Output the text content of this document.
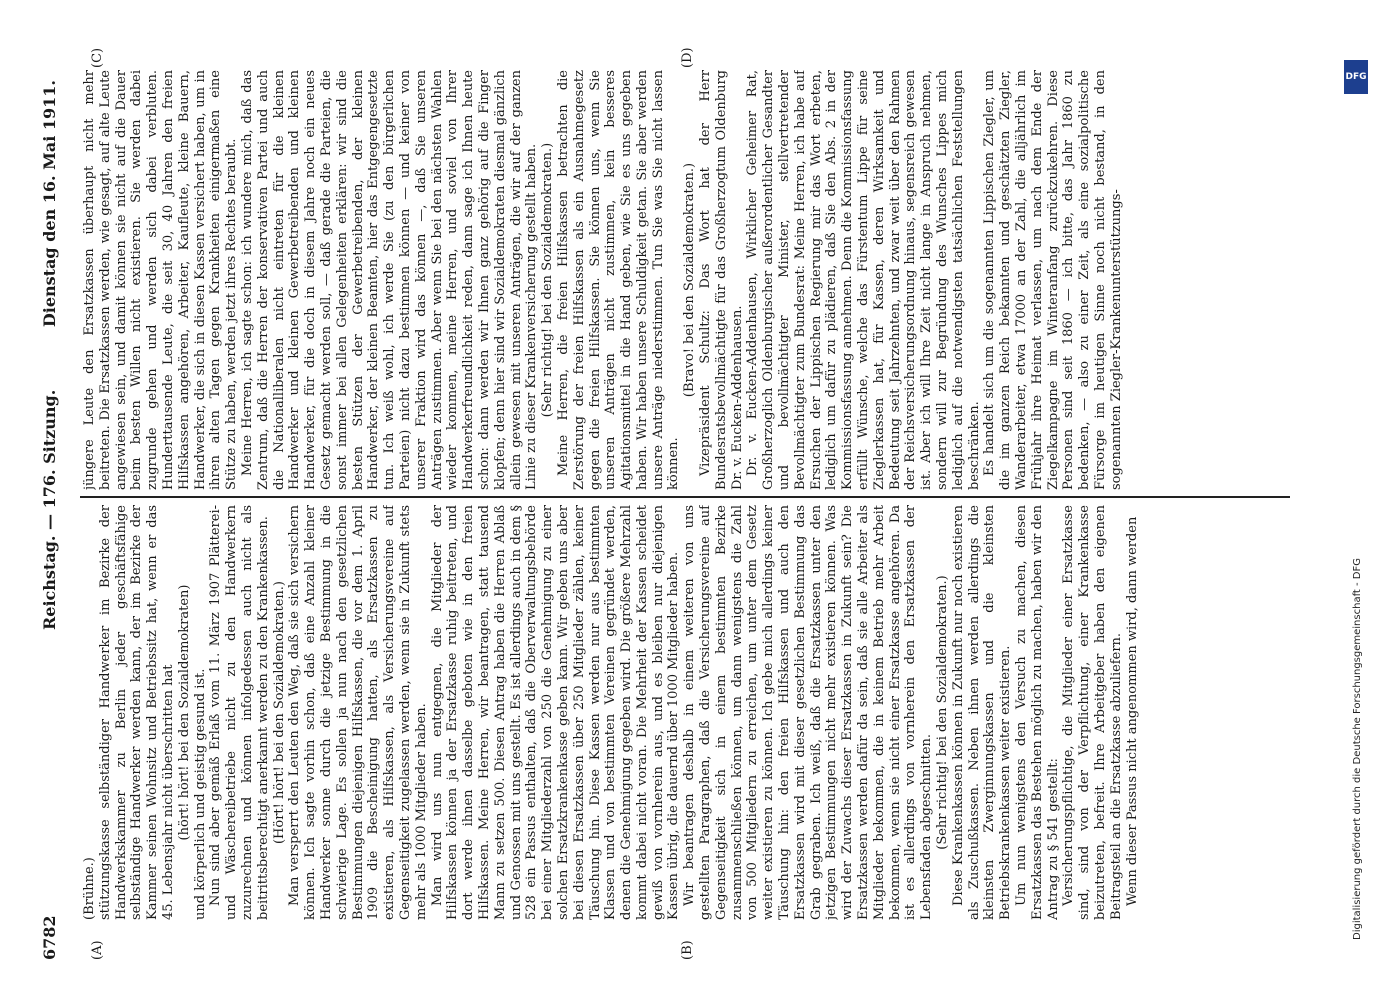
6782
Reichstag. — 176. Sitzung.
Dienstag den 16. Mai 1911.
(A)	(B)
(C)	(D)

(Brühne.) stützungskasse selbständiger Handwerker im Bezirke der Handwerkskammer zu Berlin jeder geschäftsfähige selbständige Handwerker werden kann, der im Bezirke der Kammer seinen Wohnsitz und Betriebssitz hat, wenn er das 45. Lebensjahr nicht überschritten hat (hört! hört! bei den Sozialdemokraten) und körperlich und geistig gesund ist. Nun sind aber gemäß Erlaß vom 11. März 1907 Plätterei- und Wäschereibetriebe nicht zu den Handwerkern zuzurechnen und können infolgedessen auch nicht als beitrittsberechtigt anerkannt werden zu den Krankenkassen. (Hört! hört! bei den Sozialdemokraten.) Man versperrt den Leuten den Weg, daß sie sich versichern können. Ich sagte vorhin schon, daß eine Anzahl kleiner Handwerker sonne durch die jetzige Bestimmung in die schwierige Lage. Es sollen ja nun nach den gesetzlichen Bestimmungen diejenigen Hilfskassen, die vor dem 1. April 1909 die Bescheinigung hatten, als Ersatzkassen zu existieren, als Hilfskassen, als Versicherungsvereine auf Gegenseitigkeit zugelassen werden, wenn sie in Zukunft stets mehr als 1000 Mitglieder haben. Man wird uns nun entgegnen, die Mitglieder der Hilfskassen können ja der Ersatzkasse ruhig beitreten, und dort werde ihnen dasselbe geboten wie in den freien Hilfskassen. Meine Herren, wir beantragen, statt tausend Mann zu setzen 500. Diesen Antrag haben die Herren Ablaß und Genossen mit uns gestellt. Es ist allerdings auch in dem § 528 ein Passus enthalten, daß die Oberverwaltungsbehörde bei einer Mitgliederzahl von 250 die Genehmigung zu einer solchen Ersatzkrankenkasse geben kann. Wir geben uns aber bei diesen Ersatzkassen über 250 Mitglieder zählen, keiner Täuschung hin. Diese Kassen werden nur aus bestimmten Klassen und von bestimmten Vereinen gegründet werden, denen die Genehmigung gegeben wird. Die größere Mehrzahl kommt dabei nicht voran. Die Mehrheit der Kassen scheidet gewiß von vornherein aus, und es bleiben nur diejenigen Kassen übrig, die dauernd über 1000 Mitglieder haben. Wir beantragen deshalb in einem weiteren von uns gestellten Paragraphen, daß die Versicherungsvereine auf Gegenseitigkeit sich in einem bestimmten Bezirke zusammenschließen können, um dann wenigstens die Zahl von 500 Mitgliedern zu erreichen, um unter dem Gesetz weiter existieren zu können. Ich gebe mich allerdings keiner Täuschung hin: den freien Hilfskassen und auch den Ersatzkassen wird mit dieser gesetzlichen Bestimmung das Grab gegraben. Ich weiß, daß die Ersatzkassen unter den jetzigen Bestimmungen nicht mehr existieren können. Was wird der Zuwachs dieser Ersatzkassen in Zukunft sein? Die Ersatzkassen werden dafür da sein, daß sie alle Arbeiter als Mitglieder bekommen, die in keinem Betrieb mehr Arbeit bekommen, wenn sie nicht einer Ersatzkasse angehören. Da ist es allerdings von vornherein den Ersatzkassen der Lebensfaden abgeschnitten. (Sehr richtig! bei den Sozialdemokraten.) Diese Krankenkassen können in Zukunft nur noch existieren als Zuschußkassen. Neben ihnen werden allerdings die kleinsten Zwerginnungskassen und die kleinsten Betriebskrankenkassen weiter existieren. Um nun wenigstens den Versuch zu machen, diesen Ersatzkassen das Bestehen möglich zu machen, haben wir den Antrag zu § 541 gestellt: Versicherungspflichtige, die Mitglieder einer Ersatzkasse sind, sind von der Verpflichtung, einer Krankenkasse beizutreten, befreit. Ihre Arbeitgeber haben den eigenen Beitragsteil an die Ersatzkasse abzuliefern. Wenn dieser Passus nicht angenommen wird, dann werden

jüngere Leute den Ersatzkassen überhaupt nicht mehr beitreten. Die Ersatzkassen werden, wie gesagt, auf alte Leute angewiesen sein, und damit können sie nicht auf die Dauer beim besten Willen nicht existieren. Sie werden dabei zugrunde gehen und werden sich dabei verbluten. Hunderttausende Leute, die seit 30, 40 Jahren den freien Hilfskassen angehören, Arbeiter, Kaufleute, kleine Bauern, Handwerker, die sich in diesen Kassen versichert haben, um in ihren alten Tagen gegen Krankheiten einigermaßen eine Stütze zu haben, werden jetzt ihres Rechtes beraubt. Meine Herren, ich sagte schon: ich wundere mich, daß das Zentrum, daß die Herren der konservativen Partei und auch die Nationalliberalen nicht eintreten für die kleinen Handwerker und kleinen Gewerbetreibenden und kleinen Handwerker, für die doch in diesem Jahre noch ein neues Gesetz gemacht werden soll, — daß gerade die Parteien, die sonst immer bei allen Gelegenheiten erklären: wir sind die besten Stützen der Gewerbetreibenden, der kleinen Handwerker, der kleinen Beamten, hier das Entgegengesetzte tun. Ich weiß wohl, ich werde Sie (zu den bürgerlichen Parteien) nicht dazu bestimmen können — und keiner von unserer Fraktion wird das können —, daß Sie unseren Anträgen zustimmen. Aber wenn Sie bei den nächsten Wahlen wieder kommen, meine Herren, und soviel von Ihrer Handwerkerfreundlichkeit reden, dann sage ich Ihnen heute schon: dann werden wir Ihnen ganz gehörig auf die Finger klopfen; denn hier sind wir Sozialdemokraten diesmal gänzlich allein gewesen mit unseren Anträgen, die wir auf der ganzen Linie zu dieser Krankenversicherung gestellt haben. (Sehr richtig! bei den Sozialdemokraten.) Meine Herren, die freien Hilfskassen betrachten die Zerstörung der freien Hilfskassen als ein Ausnahmegesetz gegen die freien Hilfskassen. Sie können uns, wenn Sie unseren Anträgen nicht zustimmen, kein besseres Agitationsmittel in die Hand geben, wie Sie es uns gegeben haben. Wir haben unsere Schuldigkeit getan. Sie aber werden unsere Anträge niederstimmen. Tun Sie was Sie nicht lassen können.

(Bravo! bei den Sozialdemokraten.) Vizepräsident Schultz: Das Wort hat der Herr Bundesratsbevollmächtigte für das Großherzogtum Oldenburg Dr. v. Eucken-Addenhausen. Dr. v. Eucken-Addenhausen, Wirklicher Geheimer Rat, Großherzoglich Oldenburgischer außerordentlicher Gesandter und bevollmächtigter Minister, stellvertretender Bevollmächtigter zum Bundesrat: Meine Herren, ich habe auf Ersuchen der Lippischen Regierung mir das Wort erbeten, lediglich um dafür zu plädieren, daß Sie den Abs. 2 in der Kommissionsfassung annehmen. Denn die Kommissionsfassung erfüllt Wünsche, welche das Fürstentum Lippe für seine Zieglerkassen hat, für Kassen, deren Wirksamkeit und Bedeutung seit Jahrzehnten, und zwar weit über den Rahmen der Reichsversicherungsordnung hinaus, segensreich gewesen ist. Aber ich will Ihre Zeit nicht lange in Anspruch nehmen, sondern will zur Begründung des Wunsches Lippes mich lediglich auf die notwendigsten tatsächlichen Feststellungen beschränken. Es handelt sich um die sogenannten Lippischen Ziegler, um die im ganzen Reich bekannten und geschätzten Ziegler, Wanderarbeiter, etwa 17000 an der Zahl, die alljährlich im Frühjahr ihre Heimat verlassen, um nach dem Ende der Ziegelkampagne im Winteranfang zurückzukehren. Diese Personen sind seit 1860 — ich bitte, das Jahr 1860 zu bedenken, — also zu einer Zeit, als eine sozialpolitische Fürsorge im heutigen Sinne noch nicht bestand, in den sogenannten Ziegler-Krankenunterstützungs-

DFG
Digitalisierung gefördert durch die Deutsche Forschungsgemeinschaft - DFG
